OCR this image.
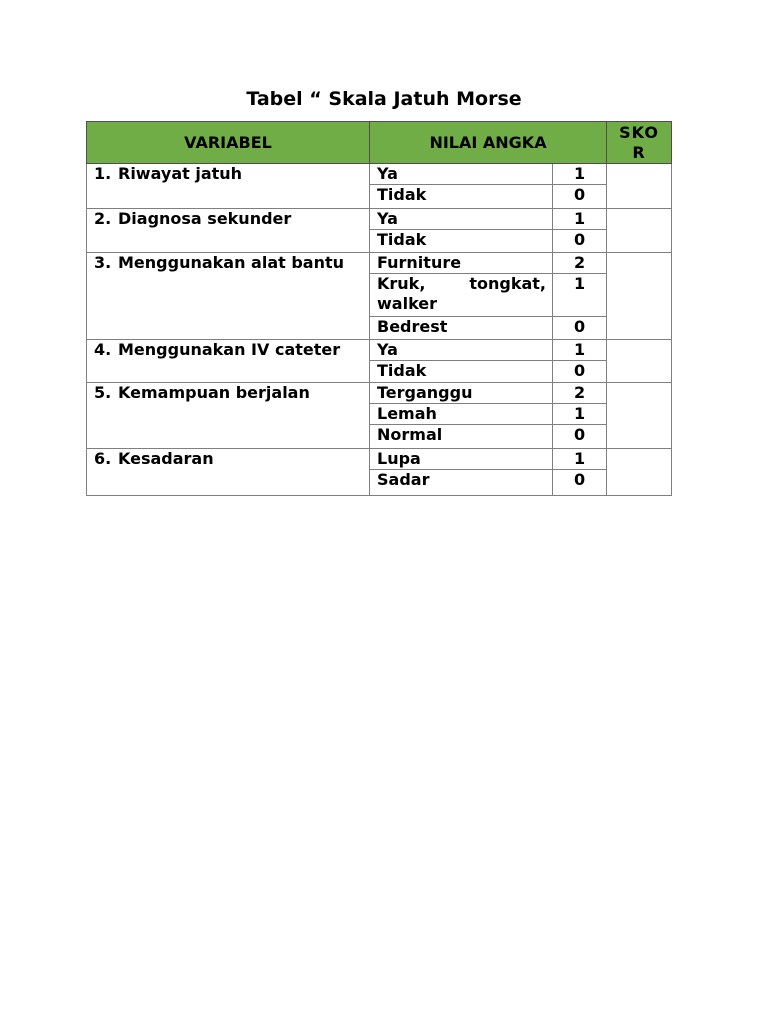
Tabel “ Skala Jatuh Morse
VARIABEL	NILAI ANGKA		SKOR

1. Riwayat jatuh	Ya	1	
	Tidak	0	

2. Diagnosa sekunder	Ya	1	
	Tidak	0	

3. Menggunakan alat bantu	Furniture	2	
	Kruk, tongkat, walker	1	
	Bedrest	0	

4. Menggunakan IV cateter	Ya	1	
	Tidak	0	

5. Kemampuan berjalan	Terganggu	2	
	Lemah	1	
	Normal	0	

6. Kesadaran	Lupa	1	
	Sadar	0	
